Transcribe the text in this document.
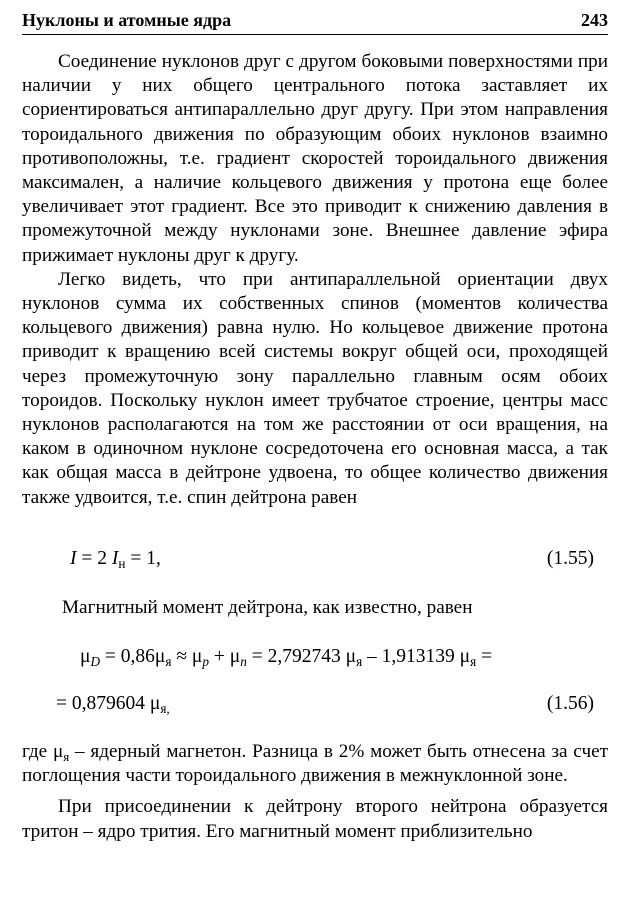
Нуклоны и атомные ядра	243

Соединение нуклонов друг с другом боковыми поверхностями при наличии у них общего центрального потока заставляет их сориентироваться антипараллельно друг другу. При этом направления тороидального движения по образующим обоих нуклонов взаимно противоположны, т.е. градиент скоростей тороидального движения максимален, а наличие кольцевого движения у протона еще более увеличивает этот градиент. Все это приводит к снижению давления в промежуточной между нуклонами зоне. Внешнее давление эфира прижимает нуклоны друг к другу.

Легко видеть, что при антипараллельной ориентации двух нуклонов сумма их собственных спинов (моментов количества кольцевого движения) равна нулю. Но кольцевое движение протона приводит к вращению всей системы вокруг общей оси, проходящей через промежуточную зону параллельно главным осям обоих тороидов. Поскольку нуклон имеет трубчатое строение, центры масс нуклонов располагаются на том же расстоянии от оси вращения, на каком в одиночном нуклоне сосредоточена его основная масса, а так как общая масса в дейтроне удвоена, то общее количество движения также удвоится, т.е. спин дейтрона равен

I = 2 $I_н = 1$,	(1.55)
Магнитный момент дейтрона, как известно, равен
$\mu_D = 0,86\mu_я \approx \mu_p + \mu_n = 2,792743$ $\mu_я - 1,913139$ $\mu_я$ =
= 0,879604 $\mu_{я,}$	(1.56)

где $\mu_я$ – ядерный магнетон. Разница в 2% может быть отнесена за счет поглощения части тороидального движения в межнуклонной зоне.

При присоединении к дейтрону второго нейтрона образуется тритон – ядро трития. Его магнитный момент приблизительно
